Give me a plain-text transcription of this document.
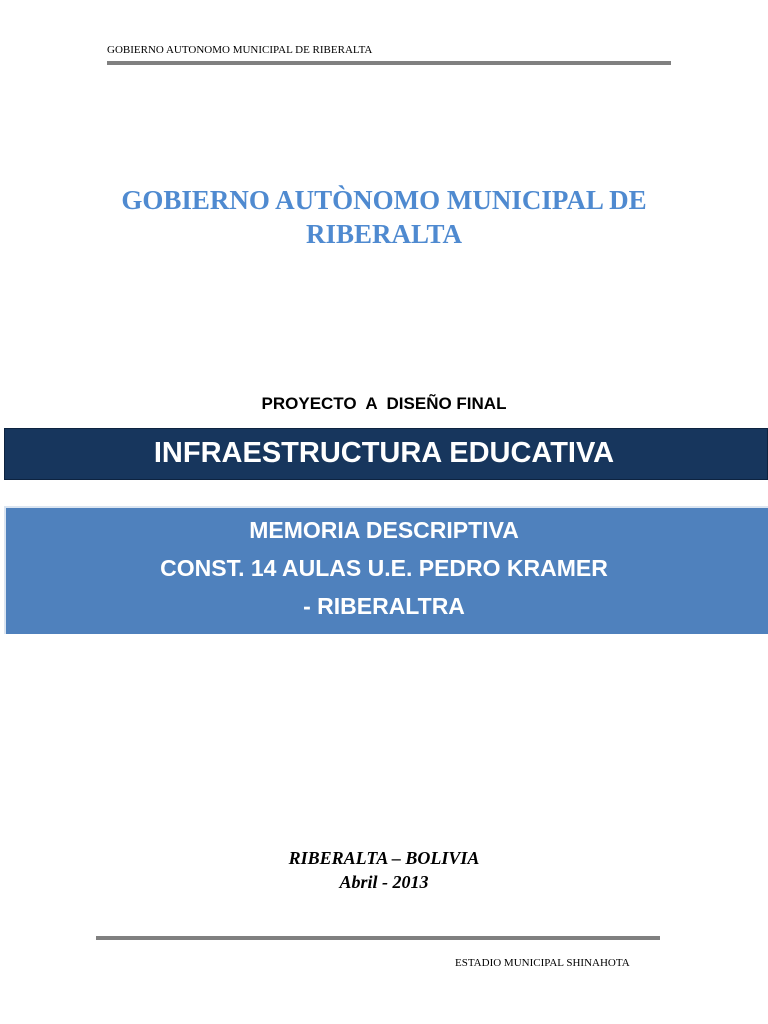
GOBIERNO AUTONOMO MUNICIPAL DE RIBERALTA
GOBIERNO AUTÒNOMO MUNICIPAL DE
RIBERALTA
PROYECTO  A  DISEÑO FINAL
INFRAESTRUCTURA EDUCATIVA
MEMORIA DESCRIPTIVA
CONST. 14 AULAS U.E. PEDRO KRAMER
- RIBERALTRA
RIBERALTA – BOLIVIA
Abril - 2013
ESTADIO MUNICIPAL SHINAHOTA
